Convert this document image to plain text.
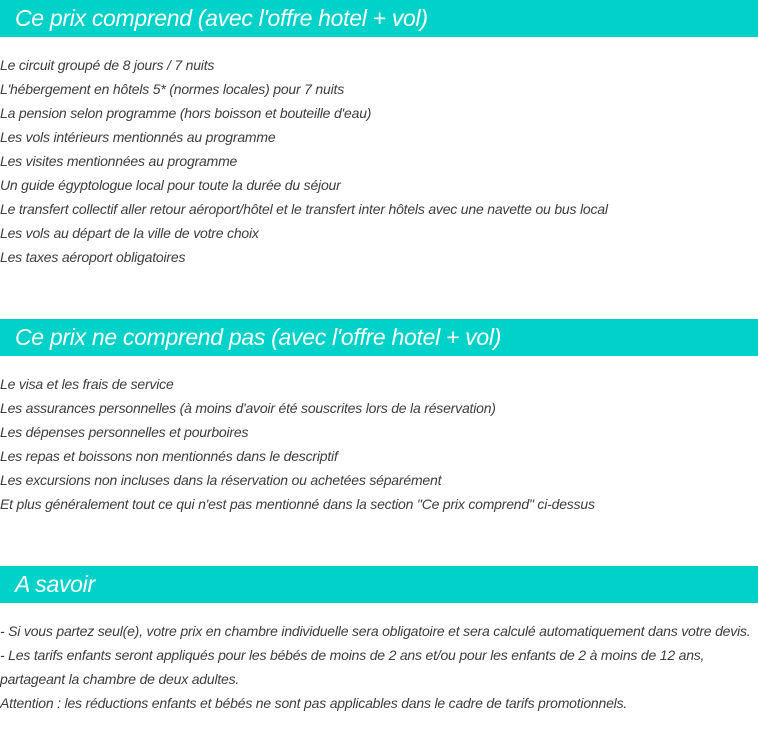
Ce prix comprend (avec l'offre hotel + vol)
Le circuit groupé de 8 jours / 7 nuits
L'hébergement en hôtels 5* (normes locales) pour 7 nuits
La pension selon programme (hors boisson et bouteille d'eau)
Les vols intérieurs mentionnés au programme
Les visites mentionnées au programme
Un guide égyptologue local pour toute la durée du séjour
Le transfert collectif aller retour aéroport/hôtel et le transfert inter hôtels avec une navette ou bus local
Les vols au départ de la ville de votre choix
Les taxes aéroport obligatoires
Ce prix ne comprend pas (avec l'offre hotel + vol)
Le visa et les frais de service
Les assurances personnelles (à moins d'avoir été souscrites lors de la réservation)
Les dépenses personnelles et pourboires
Les repas et boissons non mentionnés dans le descriptif
Les excursions non incluses dans la réservation ou achetées séparément
Et plus généralement tout ce qui n'est pas mentionné dans la section "Ce prix comprend" ci-dessus
A savoir

- Si vous partez seul(e), votre prix en chambre individuelle sera obligatoire et sera calculé automatiquement dans votre devis.

- Les tarifs enfants seront appliqués pour les bébés de moins de 2 ans et/ou pour les enfants de 2 à moins de 12 ans, partageant la chambre de deux adultes.

Attention : les réductions enfants et bébés ne sont pas applicables dans le cadre de tarifs promotionnels.
